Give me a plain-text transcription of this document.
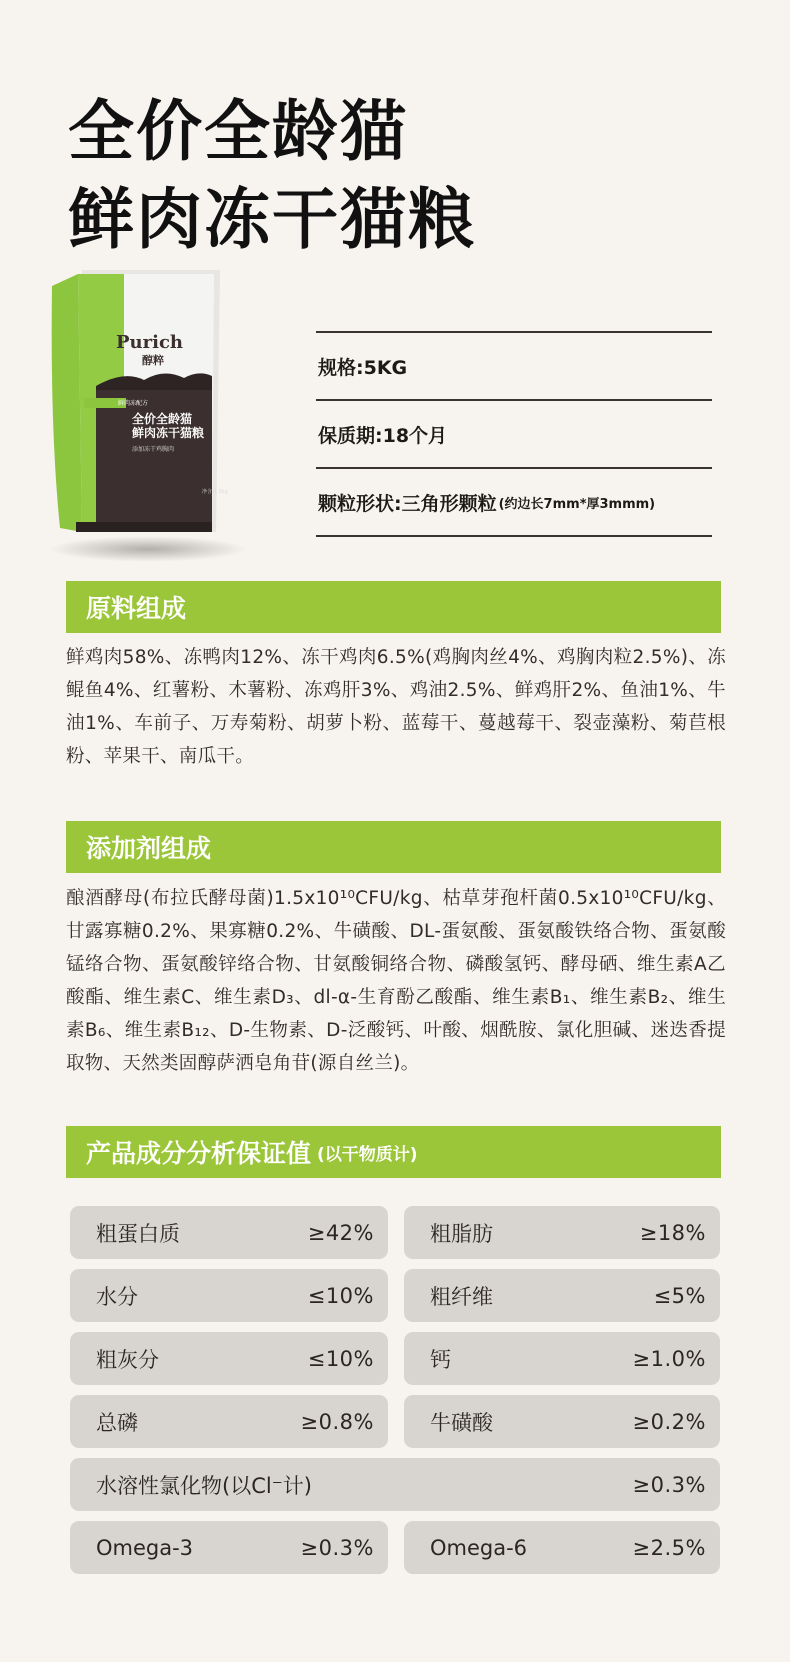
全价全龄猫
鲜肉冻干猫粮
Purich
醇粹
鲜肉冻配方
全价全龄猫
鲜肉冻干猫粮
添加冻干鸡胸肉
净含量 5kg
规格:5KG
保质期:18个月
颗粒形状:三角形颗粒 (约边长7mm*厚3mmm)
原料组成
鲜鸡肉58%、冻鸭肉12%、冻干鸡肉6.5%(鸡胸肉丝4%、鸡胸肉粒2.5%)、冻鲲鱼4%、红薯粉、木薯粉、冻鸡肝3%、鸡油2.5%、鲜鸡肝2%、鱼油1%、牛油1%、车前子、万寿菊粉、胡萝卜粉、蓝莓干、蔓越莓干、裂壶藻粉、菊苣根粉、苹果干、南瓜干。
添加剂组成
酿酒酵母(布拉氏酵母菌)1.5x10¹⁰CFU/kg、枯草芽孢杆菌0.5x10¹⁰CFU/kg、甘露寡糖0.2%、果寡糖0.2%、牛磺酸、DL-蛋氨酸、蛋氨酸铁络合物、蛋氨酸锰络合物、蛋氨酸锌络合物、甘氨酸铜络合物、磷酸氢钙、酵母硒、维生素A乙酸酯、维生素C、维生素D₃、dl-α-生育酚乙酸酯、维生素B₁、维生素B₂、维生素B₆、维生素B₁₂、D-生物素、D-泛酸钙、叶酸、烟酰胺、氯化胆碱、迷迭香提取物、天然类固醇萨洒皂角苷(源自丝兰)。
产品成分分析保证值 (以干物质计)
粗蛋白质	≥42%	粗脂肪	≥18%
水分	≤10%	粗纤维	≤5%
粗灰分	≤10%	钙	≥1.0%
总磷	≥0.8%	牛磺酸	≥0.2%
水溶性氯化物(以Cl⁻计)	≥0.3%
Omega-3	≥0.3%	Omega-6	≥2.5%
